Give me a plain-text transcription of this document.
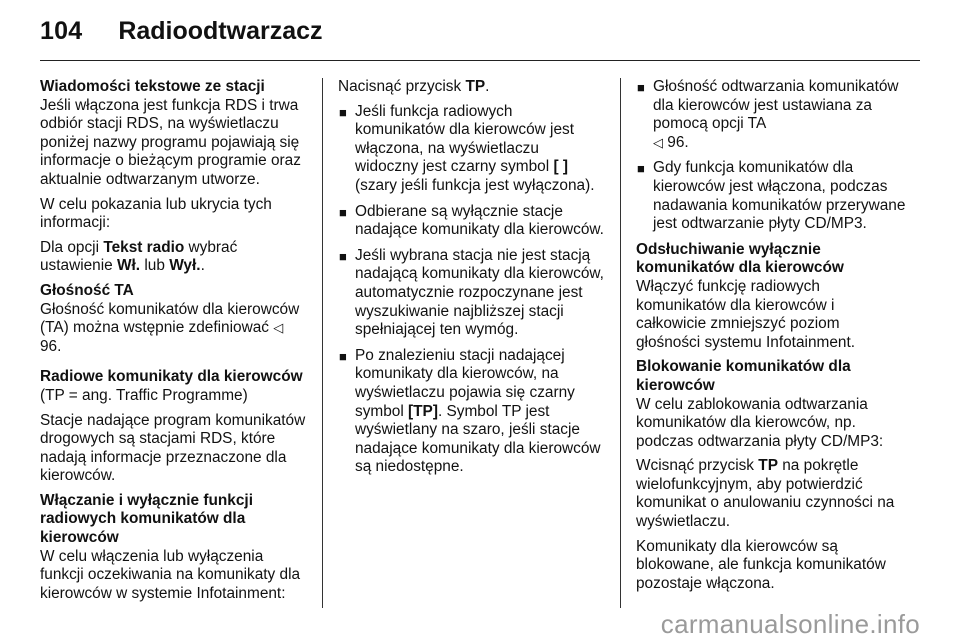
104 Radioodtwarzacz

Wiadomości tekstowe ze stacji

Jeśli włączona jest funkcja RDS i trwa odbiór stacji RDS, na wyświetlaczu poniżej nazwy programu pojawiają się informacje o bieżącym programie oraz aktualnie odtwarzanym utworze.

W celu pokazania lub ukrycia tych informacji:

Dla opcji Tekst radio wybrać ustawienie Wł. lub Wył..

Głośność TA

Głośność komunikatów dla kierowców (TA) można wstępnie zdefiniować ◁ 96.

Radiowe komunikaty dla kierowców

(TP = ang. Traffic Programme)

Stacje nadające program komunikatów drogowych są stacjami RDS, które nadają informacje przeznaczone dla kierowców.

Włączanie i wyłącznie funkcji radiowych komunikatów dla kierowców

W celu włączenia lub wyłączenia funkcji oczekiwania na komunikaty dla kierowców w systemie Infotainment:

Nacisnąć przycisk TP.

■ Jeśli funkcja radiowych komunikatów dla kierowców jest włączona, na wyświetlaczu widoczny jest czarny symbol [ ] (szary jeśli funkcja jest wyłączona).
■ Odbierane są wyłącznie stacje nadające komunikaty dla kierowców.
■ Jeśli wybrana stacja nie jest stacją nadającą komunikaty dla kierowców, automatycznie rozpoczynane jest wyszukiwanie najbliższej stacji spełniającej ten wymóg.
■ Po znalezieniu stacji nadającej komunikaty dla kierowców, na wyświetlaczu pojawia się czarny symbol [TP]. Symbol TP jest wyświetlany na szaro, jeśli stacje nadające komunikaty dla kierowców są niedostępne.
■ Głośność odtwarzania komunikatów dla kierowców jest ustawiana za pomocą opcji TA
◁ 96.
■ Gdy funkcja komunikatów dla kierowców jest włączona, podczas nadawania komunikatów przerywane jest odtwarzanie płyty CD/MP3.

Odsłuchiwanie wyłącznie komunikatów dla kierowców

Włączyć funkcję radiowych komunikatów dla kierowców i całkowicie zmniejszyć poziom głośności systemu Infotainment.

Blokowanie komunikatów dla kierowców

W celu zablokowania odtwarzania komunikatów dla kierowców, np. podczas odtwarzania płyty CD/MP3:

Wcisnąć przycisk TP na pokrętle wielofunkcyjnym, aby potwierdzić komunikat o anulowaniu czynności na wyświetlaczu.

Komunikaty dla kierowców są blokowane, ale funkcja komunikatów pozostaje włączona.

carmanualsonline.info
